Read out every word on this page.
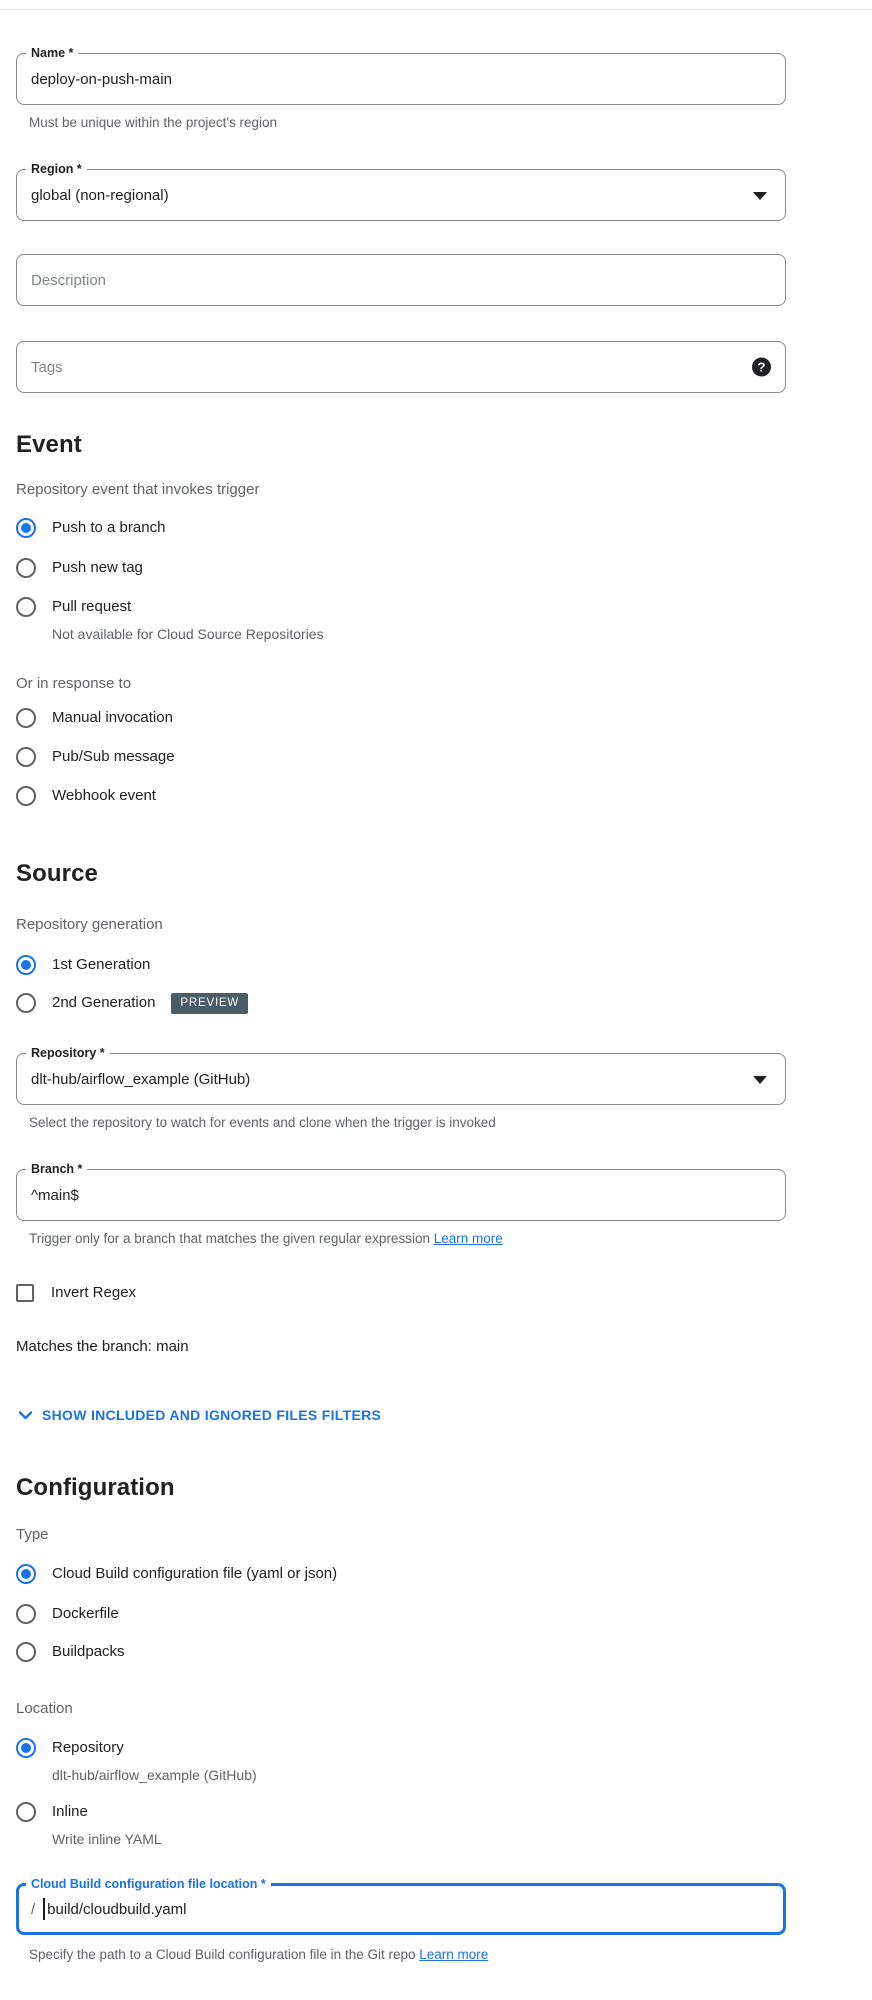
Name *
deploy-on-push-main
Must be unique within the project's region
Region *
global (non-regional)
Description
Tags
?
Event
Repository event that invokes trigger
Push to a branch
Push new tag
Pull request
Not available for Cloud Source Repositories
Or in response to
Manual invocation
Pub/Sub message
Webhook event
Source
Repository generation
1st Generation
2nd Generation	PREVIEW
Repository *
dlt-hub/airflow_example (GitHub)
Select the repository to watch for events and clone when the trigger is invoked
Branch *
^main$
Trigger only for a branch that matches the given regular expression Learn more
Invert Regex
Matches the branch: main
SHOW INCLUDED AND IGNORED FILES FILTERS
Configuration
Type
Cloud Build configuration file (yaml or json)
Dockerfile
Buildpacks
Location
Repository
dlt-hub/airflow_example (GitHub)
Inline
Write inline YAML
Cloud Build configuration file location *
/
build/cloudbuild.yaml
Specify the path to a Cloud Build configuration file in the Git repo Learn more
